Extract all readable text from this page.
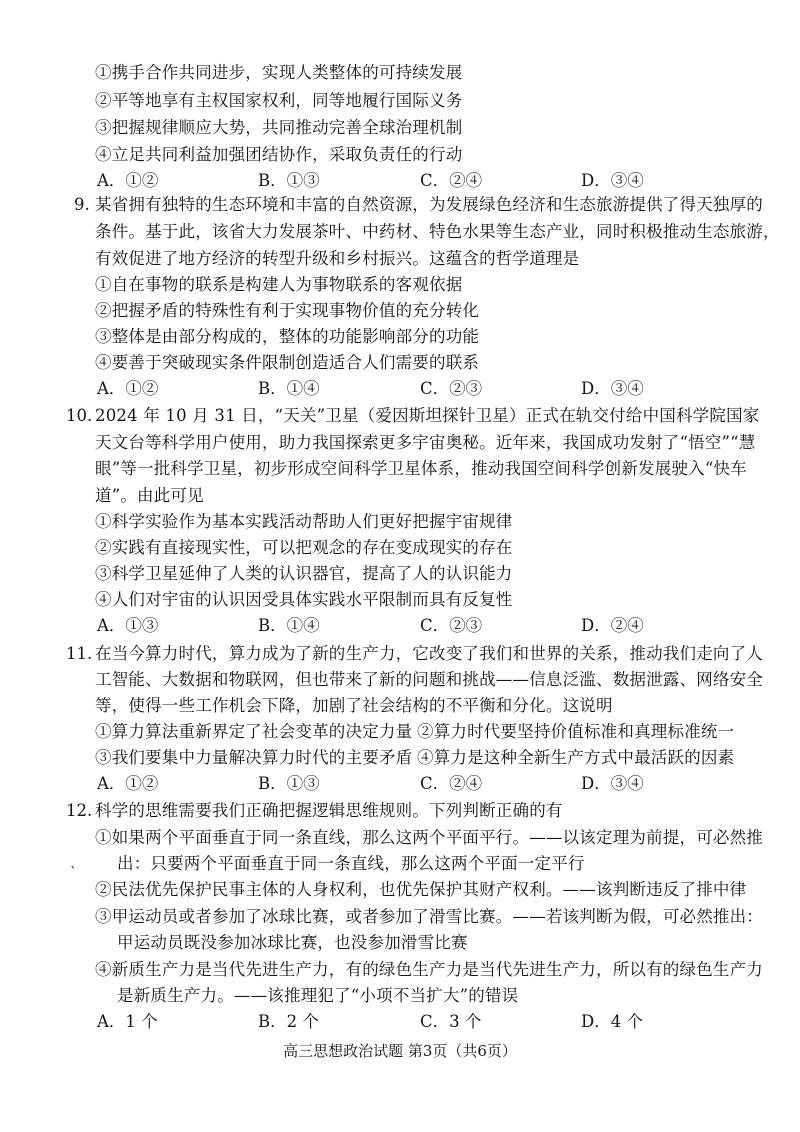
①携手合作共同进步，实现人类整体的可持续发展
②平等地享有主权国家权利，同等地履行国际义务
③把握规律顺应大势，共同推动完善全球治理机制
④立足共同利益加强团结协作，采取负责任的行动
A．①②	B．①③	C．②④	D．③④
9. 某省拥有独特的生态环境和丰富的自然资源，为发展绿色经济和生态旅游提供了得天独厚的
条件。基于此，该省大力发展茶叶、中药材、特色水果等生态产业，同时积极推动生态旅游，
有效促进了地方经济的转型升级和乡村振兴。这蕴含的哲学道理是
①自在事物的联系是构建人为事物联系的客观依据
②把握矛盾的特殊性有利于实现事物价值的充分转化
③整体是由部分构成的，整体的功能影响部分的功能
④要善于突破现实条件限制创造适合人们需要的联系
A．①②	B．①④	C．②③	D．③④
10. 2024 年 10 月 31 日，“天关”卫星（爱因斯坦探针卫星）正式在轨交付给中国科学院国家
天文台等科学用户使用，助力我国探索更多宇宙奥秘。近年来，我国成功发射了“悟空”“慧
眼”等一批科学卫星，初步形成空间科学卫星体系，推动我国空间科学创新发展驶入“快车
道”。由此可见
①科学实验作为基本实践活动帮助人们更好把握宇宙规律
②实践有直接现实性，可以把观念的存在变成现实的存在
③科学卫星延伸了人类的认识器官，提高了人的认识能力
④人们对宇宙的认识因受具体实践水平限制而具有反复性
A．①③	B．①④	C．②③	D．②④
11. 在当今算力时代，算力成为了新的生产力，它改变了我们和世界的关系，推动我们走向了人
工智能、大数据和物联网，但也带来了新的问题和挑战——信息泛滥、数据泄露、网络安全
等，使得一些工作机会下降，加剧了社会结构的不平衡和分化。这说明
①算力算法重新界定了社会变革的决定力量 ②算力时代要坚持价值标准和真理标准统一
③我们要集中力量解决算力时代的主要矛盾 ④算力是这种全新生产方式中最活跃的因素
A．①②	B．①③	C．②④	D．③④
12. 科学的思维需要我们正确把握逻辑思维规则。下列判断正确的有
①如果两个平面垂直于同一条直线，那么这两个平面平行。——以该定理为前提，可必然推
出：只要两个平面垂直于同一条直线，那么这两个平面一定平行
`
②民法优先保护民事主体的人身权利，也优先保护其财产权利。——该判断违反了排中律
③甲运动员或者参加了冰球比赛，或者参加了滑雪比赛。——若该判断为假，可必然推出：
甲运动员既没参加冰球比赛，也没参加滑雪比赛
④新质生产力是当代先进生产力，有的绿色生产力是当代先进生产力，所以有的绿色生产力
是新质生产力。——该推理犯了“小项不当扩大”的错误
A．1 个	B．2 个	C．3 个	D．4 个
高三思想政治试题 第3页（共6页）
